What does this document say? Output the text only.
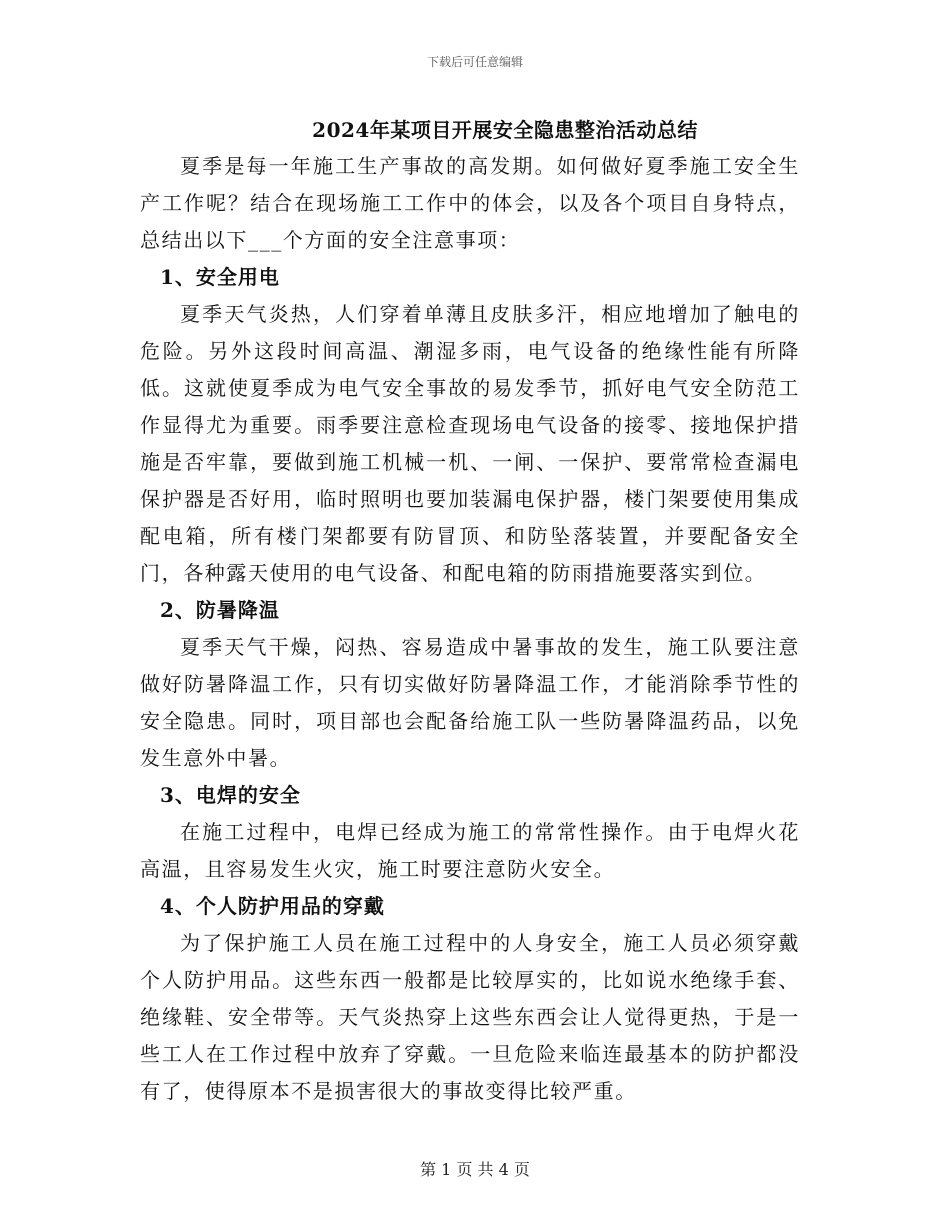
下载后可任意编辑
2024年某项目开展安全隐患整治活动总结

夏季是每一年施工生产事故的高发期。如何做好夏季施工安全生产工作呢？结合在现场施工工作中的体会，以及各个项目自身特点，总结出以下___个方面的安全注意事项：

1、安全用电

夏季天气炎热，人们穿着单薄且皮肤多汗，相应地增加了触电的危险。另外这段时间高温、潮湿多雨，电气设备的绝缘性能有所降低。这就使夏季成为电气安全事故的易发季节，抓好电气安全防范工作显得尤为重要。雨季要注意检查现场电气设备的接零、接地保护措施是否牢靠，要做到施工机械一机、一闸、一保护、要常常检查漏电保护器是否好用，临时照明也要加装漏电保护器，楼门架要使用集成配电箱，所有楼门架都要有防冒顶、和防坠落装置，并要配备安全门，各种露天使用的电气设备、和配电箱的防雨措施要落实到位。

2、防暑降温

夏季天气干燥，闷热、容易造成中暑事故的发生，施工队要注意做好防暑降温工作，只有切实做好防暑降温工作，才能消除季节性的安全隐患。同时，项目部也会配备给施工队一些防暑降温药品，以免发生意外中暑。

3、电焊的安全

在施工过程中，电焊已经成为施工的常常性操作。由于电焊火花高温，且容易发生火灾，施工时要注意防火安全。

4、个人防护用品的穿戴

为了保护施工人员在施工过程中的人身安全，施工人员必须穿戴个人防护用品。这些东西一般都是比较厚实的，比如说水绝缘手套、绝缘鞋、安全带等。天气炎热穿上这些东西会让人觉得更热，于是一些工人在工作过程中放弃了穿戴。一旦危险来临连最基本的防护都没有了，使得原本不是损害很大的事故变得比较严重。

第 1 页 共 4 页
